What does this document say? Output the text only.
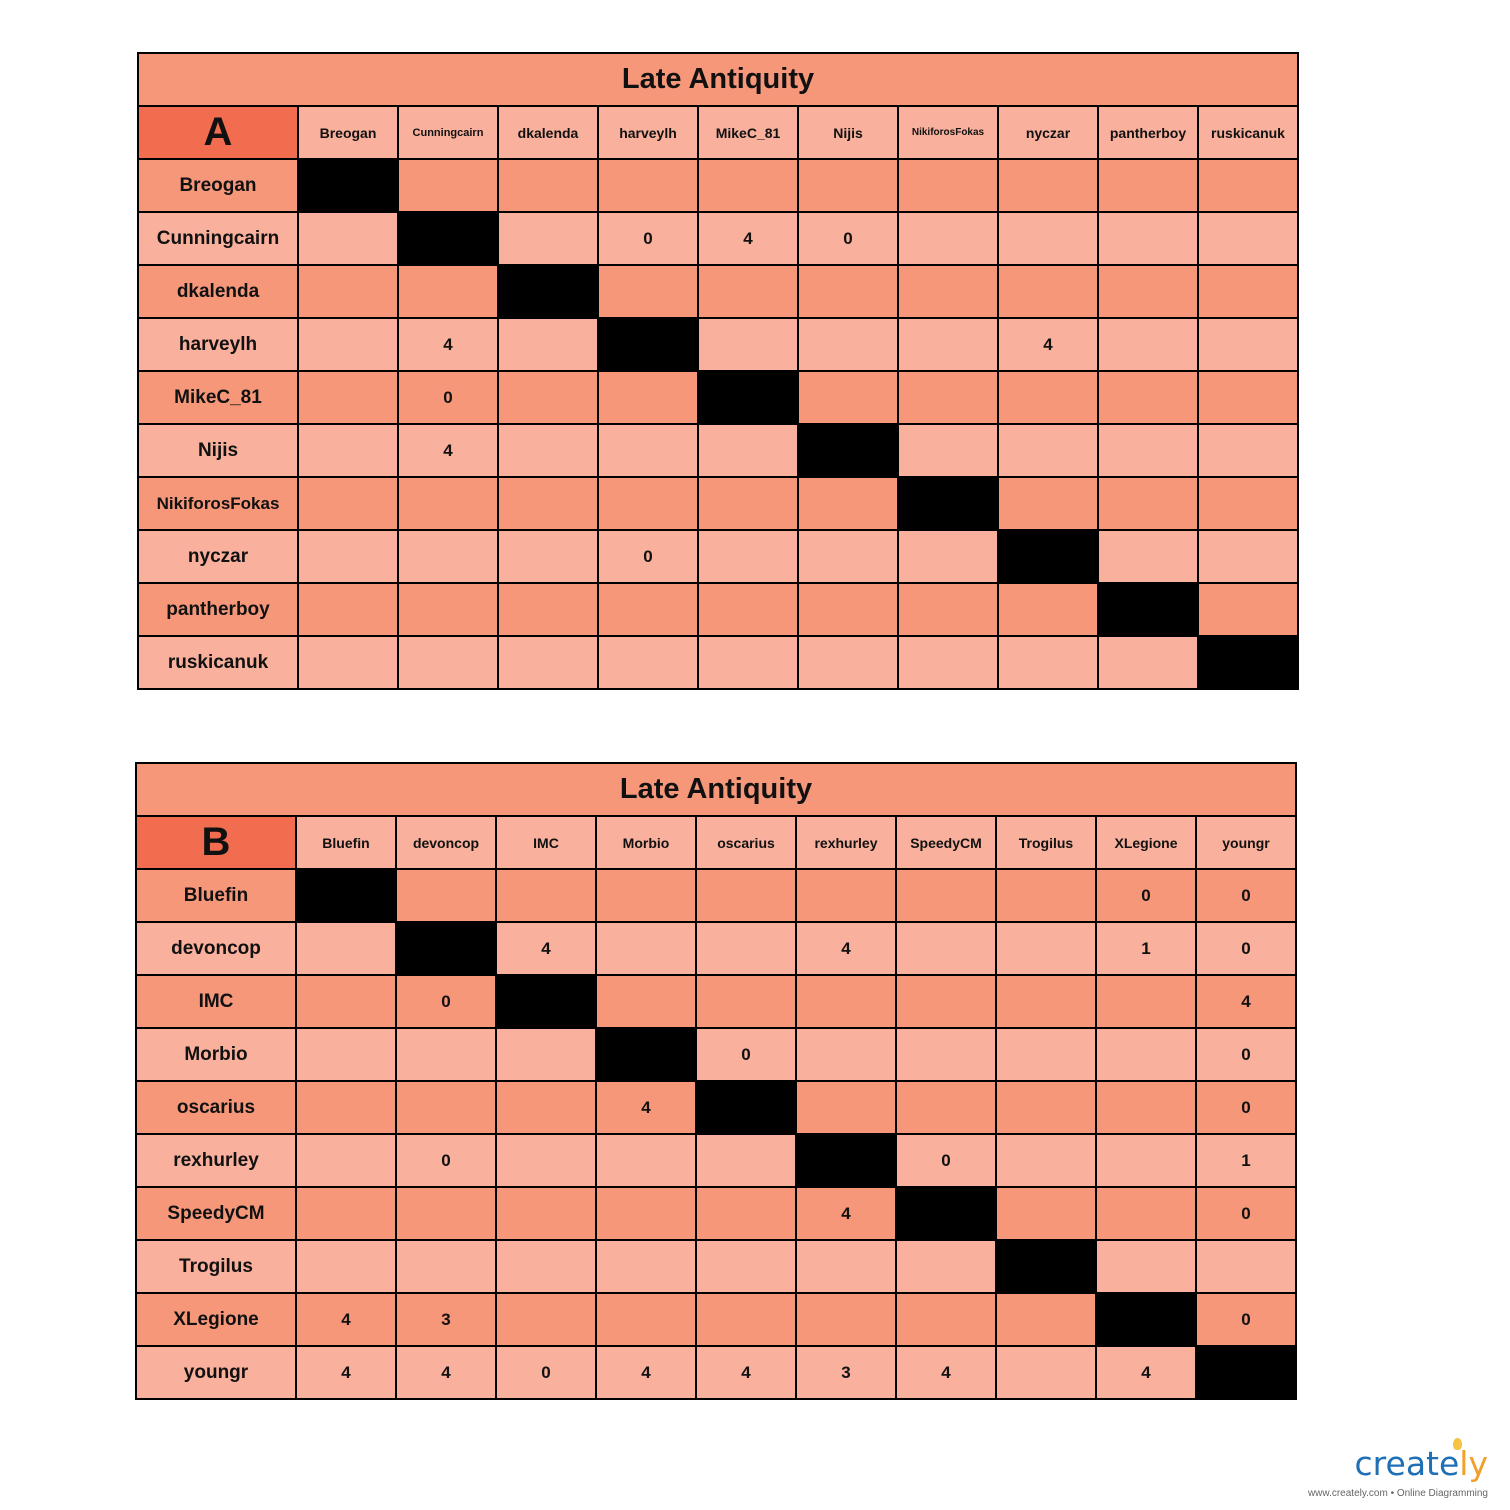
Late Antiquity										
A	Breogan	Cunningcairn	dkalenda	harveylh	MikeC_81	Nijis	NikiforosFokas	nyczar	pantherboy	ruskicanuk
Breogan										
Cunningcairn				0	4	0				
dkalenda										
harveylh		4						4		
MikeC_81		0								
Nijis		4								
NikiforosFokas										
nyczar				0						
pantherboy										
ruskicanuk										
Late Antiquity										
B	Bluefin	devoncop	IMC	Morbio	oscarius	rexhurley	SpeedyCM	Trogilus	XLegione	youngr
Bluefin									0	0
devoncop			4			4			1	0
IMC		0								4
Morbio					0					0
oscarius				4						0
rexhurley		0					0			1
SpeedyCM						4				0
Trogilus										
XLegione	4	3								0
youngr	4	4	0	4	4	3	4		4	
creately
www.creately.com • Online Diagramming
